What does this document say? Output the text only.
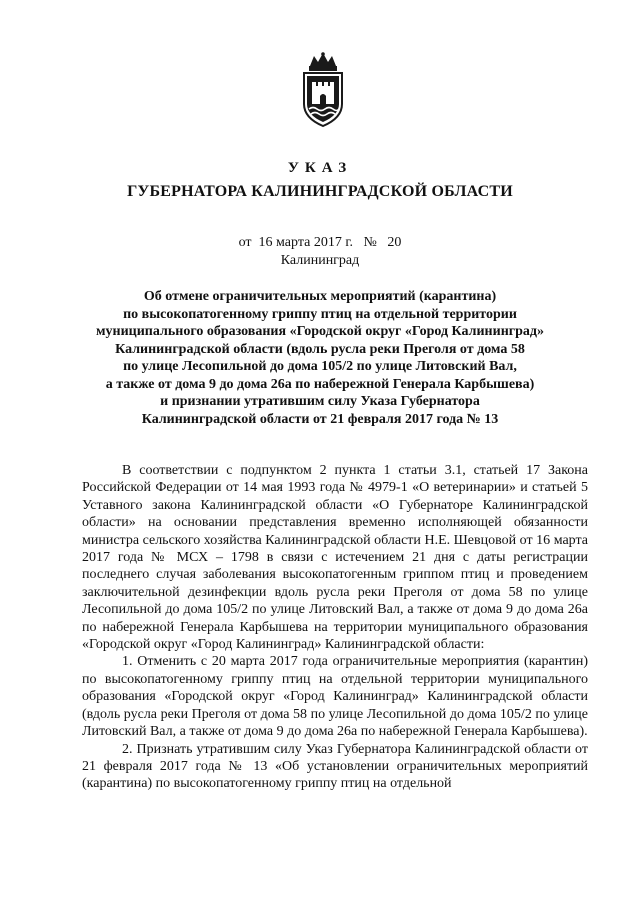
УКАЗ
ГУБЕРНАТОРА КАЛИНИНГРАДСКОЙ ОБЛАСТИ
от 16 марта 2017 г. № 20
Калининград
Об отмене ограничительных мероприятий (карантина)
по высокопатогенному гриппу птиц на отдельной территории
муниципального образования «Городской округ «Город Калининград»
Калининградской области (вдоль русла реки Преголя от дома 58
по улице Лесопильной до дома 105/2 по улице Литовский Вал,
а также от дома 9 до дома 26а по набережной Генерала Карбышева)
и признании утратившим силу Указа Губернатора
Калининградской области от 21 февраля 2017 года № 13

В соответствии с подпунктом 2 пункта 1 статьи 3.1, статьей 17 Закона Российской Федерации от 14 мая 1993 года № 4979-1 «О ветеринарии» и статьей 5 Уставного закона Калининградской области «О Губернаторе Калининградской области» на основании представления временно исполняющей обязанности министра сельского хозяйства Калининградской области Н.Е. Шевцовой от 16 марта 2017 года № МСХ – 1798 в связи с истечением 21 дня с даты регистрации последнего случая заболевания высокопатогенным гриппом птиц и проведением заключительной дезинфекции вдоль русла реки Преголя от дома 58 по улице Лесопильной до дома 105/2 по улице Литовский Вал, а также от дома 9 до дома 26а по набережной Генерала Карбышева на территории муниципального образования «Городской округ «Город Калининград» Калининградской области:

1. Отменить с 20 марта 2017 года ограничительные мероприятия (карантин) по высокопатогенному гриппу птиц на отдельной территории муниципального образования «Городской округ «Город Калининград» Калининградской области (вдоль русла реки Преголя от дома 58 по улице Лесопильной до дома 105/2 по улице Литовский Вал, а также от дома 9 до дома 26а по набережной Генерала Карбышева).

2. Признать утратившим силу Указ Губернатора Калининградской области от 21 февраля 2017 года № 13 «Об установлении ограничительных мероприятий (карантина) по высокопатогенному гриппу птиц на отдельной
